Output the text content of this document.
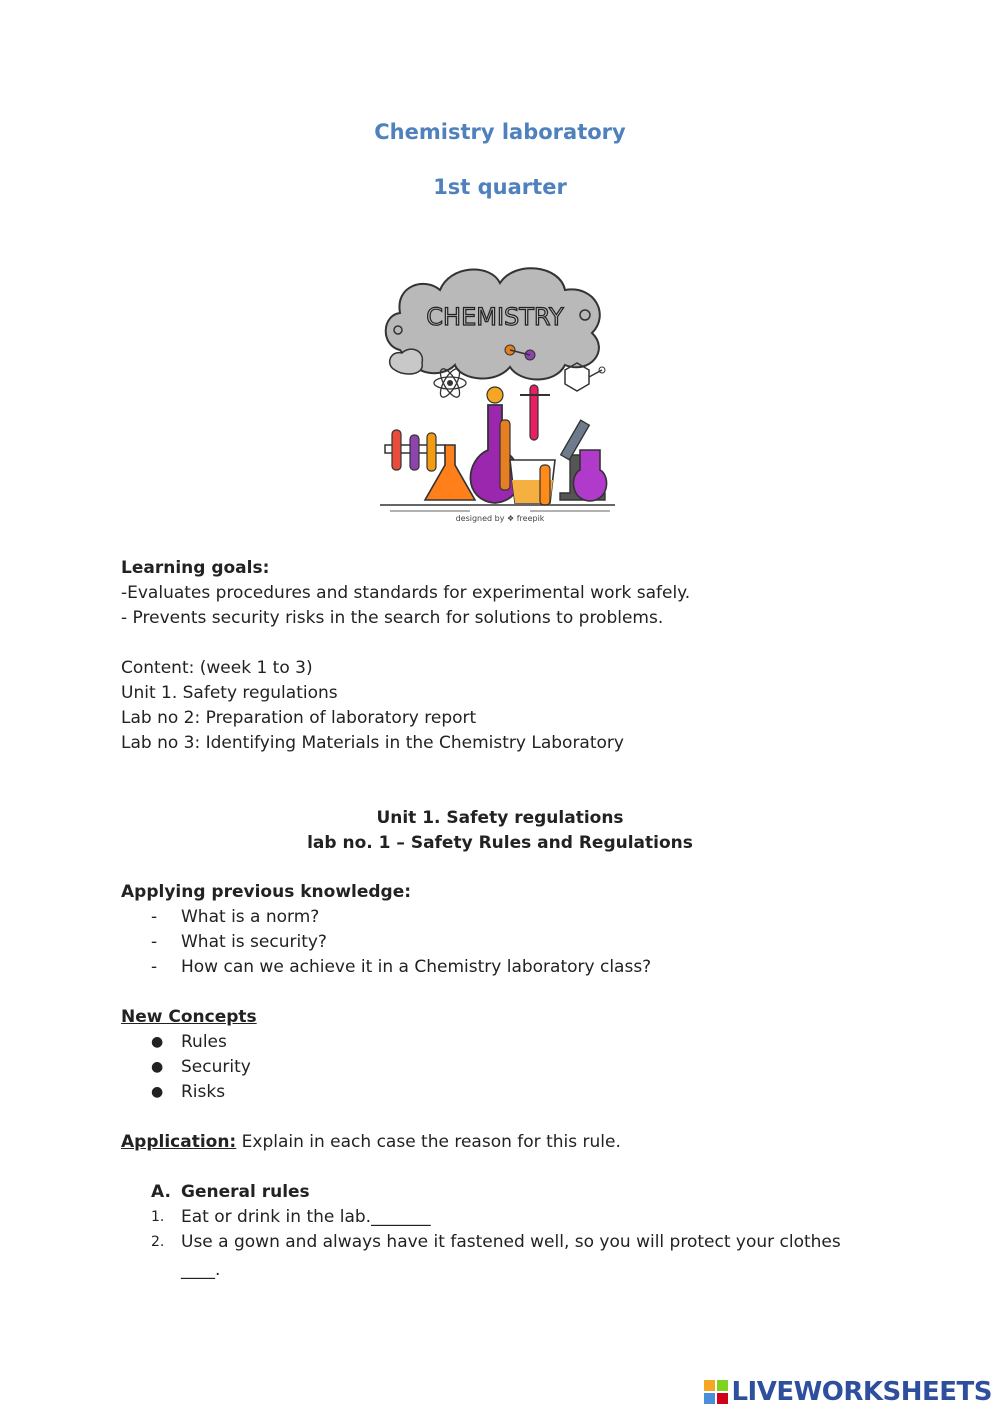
Chemistry laboratory
1st quarter
CHEMISTRY
designed by ❖ freepik
Learning goals:
-Evaluates procedures and standards for experimental work safely.
- Prevents security risks in the search for solutions to problems.
Content: (week 1 to 3)
Unit 1. Safety regulations
Lab no 2: Preparation of laboratory report
Lab no 3: Identifying Materials in the Chemistry Laboratory
Unit 1. Safety regulations
lab no. 1 – Safety Rules and Regulations
Applying previous knowledge:
-	What is a norm?
-	What is security?
-	How can we achieve it in a Chemistry laboratory class?
New Concepts
●	Rules
●	Security
●	Risks
Application: Explain in each case the reason for this rule.
A. General rules
1. Eat or drink in the lab._______
2. Use a gown and always have it fastened well, so you will protect your clothes
____.
LIVEWORKSHEETS
